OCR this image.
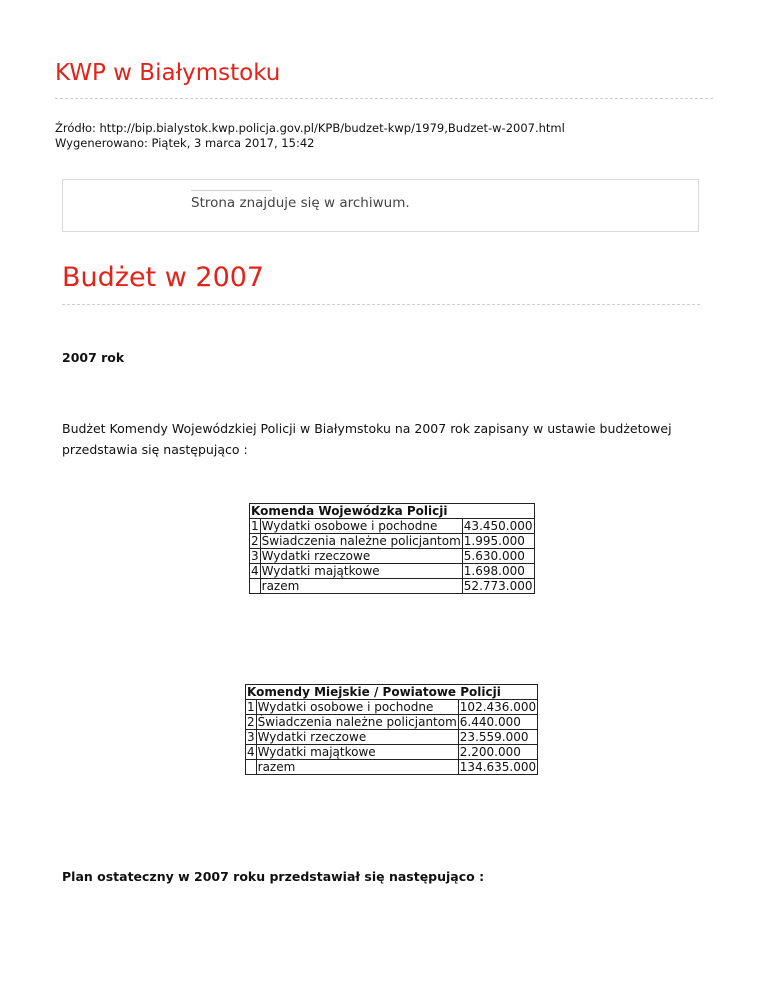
KWP w Białymstoku
Źródło: http://bip.bialystok.kwp.policja.gov.pl/KPB/budzet-kwp/1979,Budzet-w-2007.html
Wygenerowano: Piątek, 3 marca 2017, 15:42
Strona znajduje się w archiwum.
Budżet w 2007
2007 rok
Budżet Komendy Wojewódzkiej Policji w Białymstoku na 2007 rok zapisany w ustawie budżetowej przedstawia się następująco :
Komenda Wojewódzka Policji		
1	Wydatki osobowe i pochodne	43.450.000
2	Świadczenia należne policjantom	1.995.000
3	Wydatki rzeczowe	5.630.000
4	Wydatki majątkowe	1.698.000
	razem	52.773.000
Komendy Miejskie / Powiatowe Policji		
1	Wydatki osobowe i pochodne	102.436.000
2	Świadczenia należne policjantom	6.440.000
3	Wydatki rzeczowe	23.559.000
4	Wydatki majątkowe	2.200.000
	razem	134.635.000
Plan ostateczny w 2007 roku przedstawiał się następująco :
